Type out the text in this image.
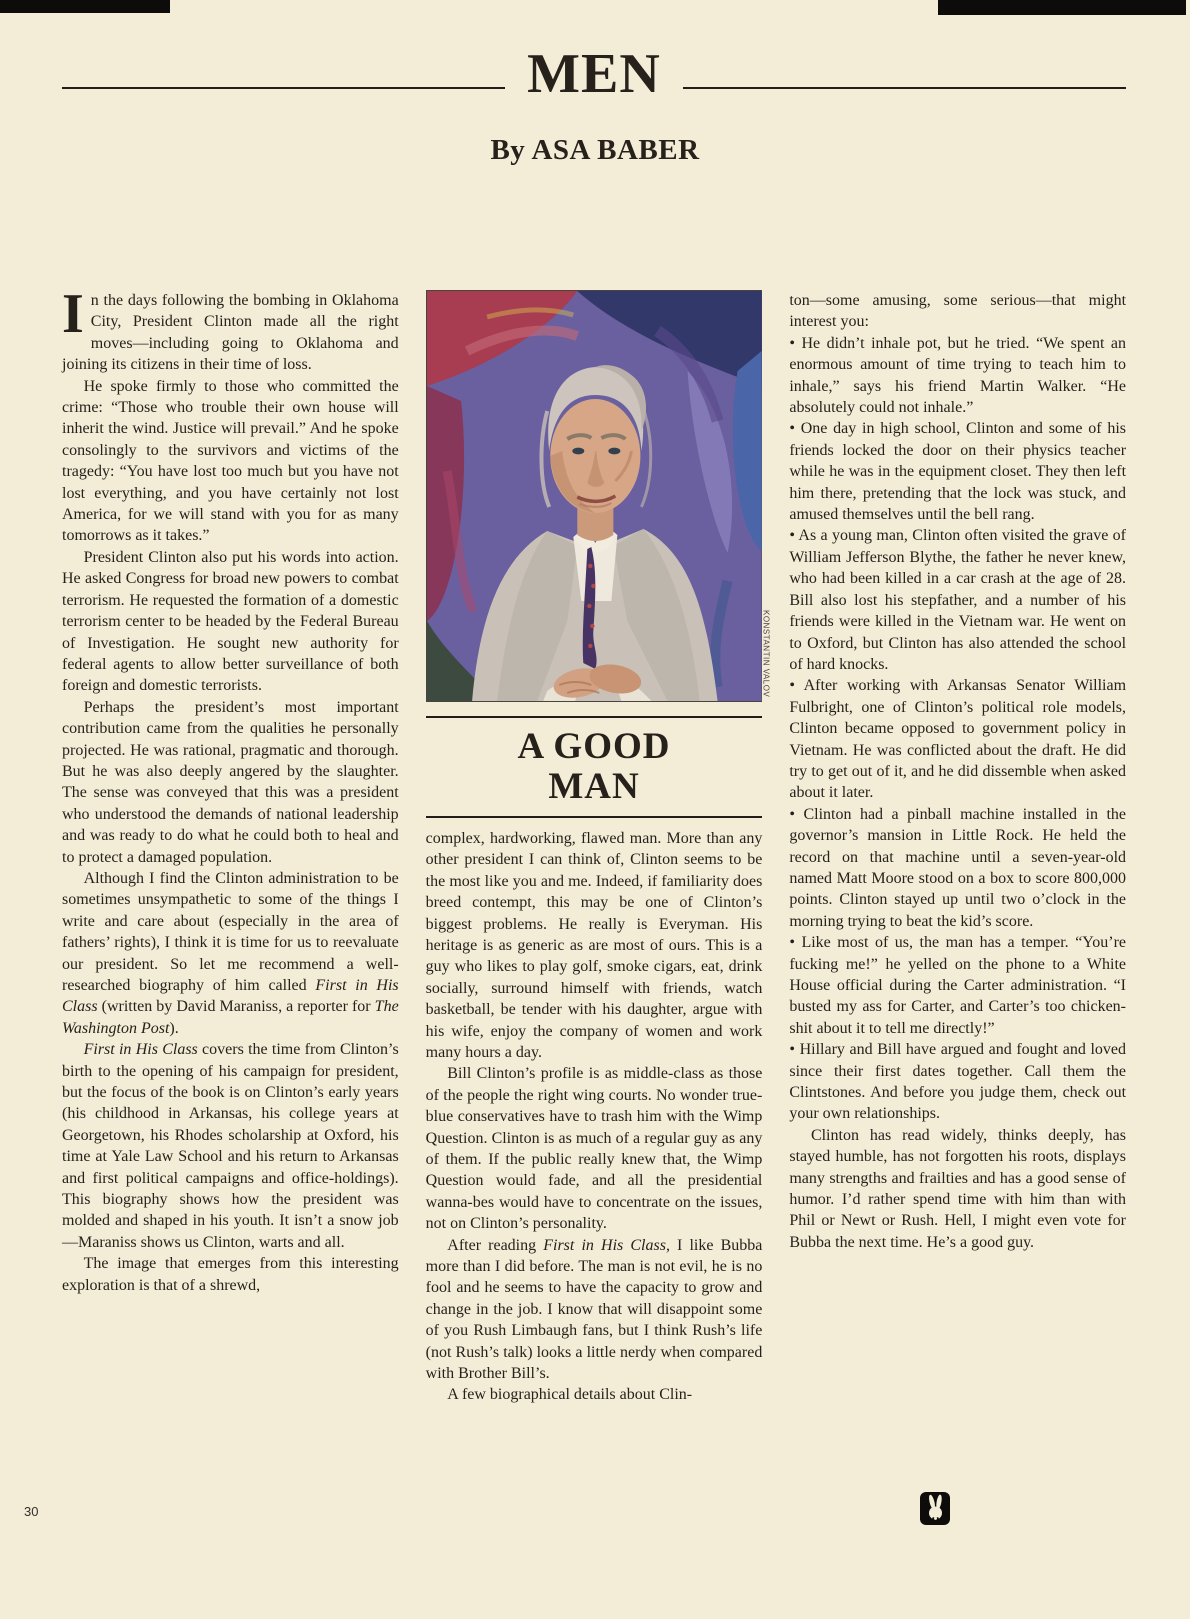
MEN
By ASA BABER

In the days following the bombing in Oklahoma City, President Clinton made all the right moves—including going to Oklahoma and joining its citizens in their time of loss.

He spoke firmly to those who committed the crime: “Those who trouble their own house will inherit the wind. Justice will prevail.” And he spoke consolingly to the survivors and victims of the tragedy: “You have lost too much but you have not lost everything, and you have certainly not lost America, for we will stand with you for as many tomorrows as it takes.”

President Clinton also put his words into action. He asked Congress for broad new powers to combat terrorism. He requested the formation of a domestic terrorism center to be headed by the Federal Bureau of Investigation. He sought new authority for federal agents to allow better surveillance of both foreign and domestic terrorists.

Perhaps the president’s most important contribution came from the qualities he personally projected. He was rational, pragmatic and thorough. But he was also deeply angered by the slaughter. The sense was conveyed that this was a president who understood the demands of national leadership and was ready to do what he could both to heal and to protect a damaged population.

Although I find the Clinton administration to be sometimes unsympathetic to some of the things I write and care about (especially in the area of fathers’ rights), I think it is time for us to reevaluate our president. So let me recommend a well-researched biography of him called First in His Class (written by David Maraniss, a reporter for The Washington Post).

First in His Class covers the time from Clinton’s birth to the opening of his campaign for president, but the focus of the book is on Clinton’s early years (his childhood in Arkansas, his college years at Georgetown, his Rhodes scholarship at Oxford, his time at Yale Law School and his return to Arkansas and first political campaigns and office-holdings). This biography shows how the president was molded and shaped in his youth. It isn’t a snow job—Maraniss shows us Clinton, warts and all.

The image that emerges from this interesting exploration is that of a shrewd,

KONSTANTIN VALOV
A GOOD
MAN

complex, hardworking, flawed man. More than any other president I can think of, Clinton seems to be the most like you and me. Indeed, if familiarity does breed contempt, this may be one of Clinton’s biggest problems. He really is Everyman. His heritage is as generic as are most of ours. This is a guy who likes to play golf, smoke cigars, eat, drink socially, surround himself with friends, watch basketball, be tender with his daughter, argue with his wife, enjoy the company of women and work many hours a day.

Bill Clinton’s profile is as middle-class as those of the people the right wing courts. No wonder true-blue conservatives have to trash him with the Wimp Question. Clinton is as much of a regular guy as any of them. If the public really knew that, the Wimp Question would fade, and all the presidential wanna-bes would have to concentrate on the issues, not on Clinton’s personality.

After reading First in His Class, I like Bubba more than I did before. The man is not evil, he is no fool and he seems to have the capacity to grow and change in the job. I know that will disappoint some of you Rush Limbaugh fans, but I think Rush’s life (not Rush’s talk) looks a little nerdy when compared with Brother Bill’s.

A few biographical details about Clin-

ton—some amusing, some serious—that might interest you:

• He didn’t inhale pot, but he tried. “We spent an enormous amount of time trying to teach him to inhale,” says his friend Martin Walker. “He absolutely could not inhale.”

• One day in high school, Clinton and some of his friends locked the door on their physics teacher while he was in the equipment closet. They then left him there, pretending that the lock was stuck, and amused themselves until the bell rang.

• As a young man, Clinton often visited the grave of William Jefferson Blythe, the father he never knew, who had been killed in a car crash at the age of 28. Bill also lost his stepfather, and a number of his friends were killed in the Vietnam war. He went on to Oxford, but Clinton has also attended the school of hard knocks.

• After working with Arkansas Senator William Fulbright, one of Clinton’s political role models, Clinton became opposed to government policy in Vietnam. He was conflicted about the draft. He did try to get out of it, and he did dissemble when asked about it later.

• Clinton had a pinball machine installed in the governor’s mansion in Little Rock. He held the record on that machine until a seven-year-old named Matt Moore stood on a box to score 800,000 points. Clinton stayed up until two o’clock in the morning trying to beat the kid’s score.

• Like most of us, the man has a temper. “You’re fucking me!” he yelled on the phone to a White House official during the Carter administration. “I busted my ass for Carter, and Carter’s too chicken-shit about it to tell me directly!”

• Hillary and Bill have argued and fought and loved since their first dates together. Call them the Clintstones. And before you judge them, check out your own relationships.

Clinton has read widely, thinks deeply, has stayed humble, has not forgotten his roots, displays many strengths and frailties and has a good sense of humor. I’d rather spend time with him than with Phil or Newt or Rush. Hell, I might even vote for Bubba the next time. He’s a good guy.

30
